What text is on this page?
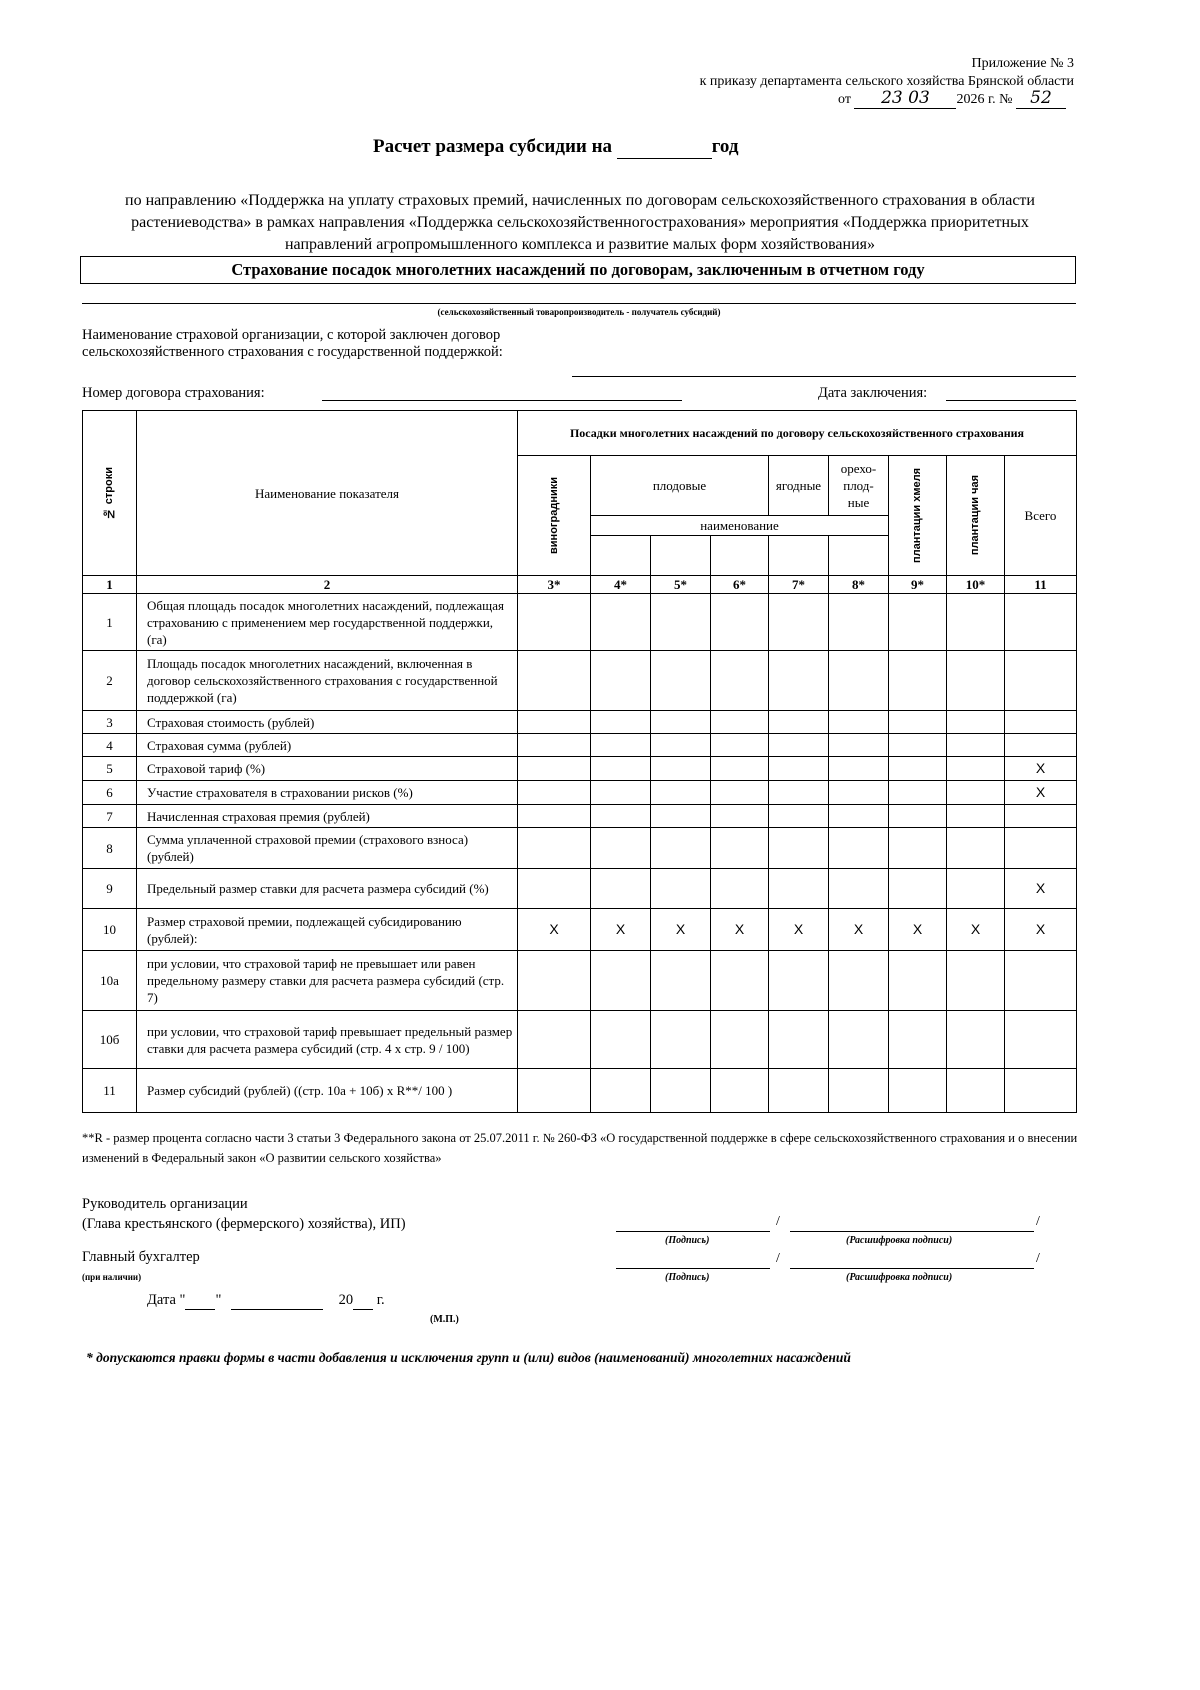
Приложение № 3
к приказу департамента сельского хозяйства Брянской области
от 23 03 2026 г. № 52
Расчет размера субсидии на	год
по направлению «Поддержка на уплату страховых премий, начисленных по договорам сельскохозяйственного страхования в области растениеводства» в рамках направления «Поддержка сельскохозяйственногострахования» мероприятия «Поддержка приоритетных направлений агропромышленного комплекса и развитие малых форм хозяйствования»
Страхование посадок многолетних насаждений по договорам, заключенным в отчетном году
(сельскохозяйственный товаропроизводитель - получатель субсидий)
Наименование страховой организации, с которой заключен договор сельскохозяйственного страхования с государственной поддержкой:
Номер договора страхования:	Дата заключения:
№ строки	Наименование показателя	Посадки многолетних насаждений по договору сельскохозяйственного страхования								

		виноградники	плодовые			ягодные	орехо-плод-ные	плантации хмеля	плантации чая	Всего
			наименование							

1	2	3*	4*	5*	6*	7*	8*	9*	10*	11
1	Общая площадь посадок многолетних насаждений, подлежащая страхованию с применением мер государственной поддержки, (га)									
2	Площадь посадок многолетних насаждений, включенная в договор сельскохозяйственного страхования с государственной поддержкой (га)									
3	Страховая стоимость (рублей)									
4	Страховая сумма (рублей)									
5	Страховой тариф (%)									X
6	Участие страхователя в страховании рисков (%)									X
7	Начисленная страховая премия (рублей)									
8	Сумма уплаченной страховой премии (страхового взноса) (рублей)									
9	Предельный размер ставки для расчета размера субсидий (%)									X
10	Размер страховой премии, подлежащей субсидированию (рублей):	X	X	X	X	X	X	X	X	X
10а	при условии, что страховой тариф не превышает или равен предельному размеру ставки для расчета размера субсидий (стр. 7)									
10б	при условии, что страховой тариф превышает предельный размер ставки для расчета размера субсидий (стр. 4 х стр. 9 / 100)									
11	Размер субсидий (рублей) ((стр. 10а + 10б) х R**/ 100 )									
**R - размер процента согласно части 3 статьи 3 Федерального закона от 25.07.2011 г. № 260-ФЗ «О государственной поддержке в сфере сельскохозяйственного страхования и о внесении изменений в Федеральный закон «О развитии сельского хозяйства»
Руководитель организации
(Глава крестьянского (фермерского) хозяйства), ИП)	/	/
(Подпись)	(Расшифровка подписи)
Главный бухгалтер
(при наличии)
/	/
(Подпись)	(Расшифровка подписи)
Дата " "	20 г.
(М.П.)
* допускаются правки формы в части добавления и исключения групп и (или) видов (наименований) многолетних насаждений
